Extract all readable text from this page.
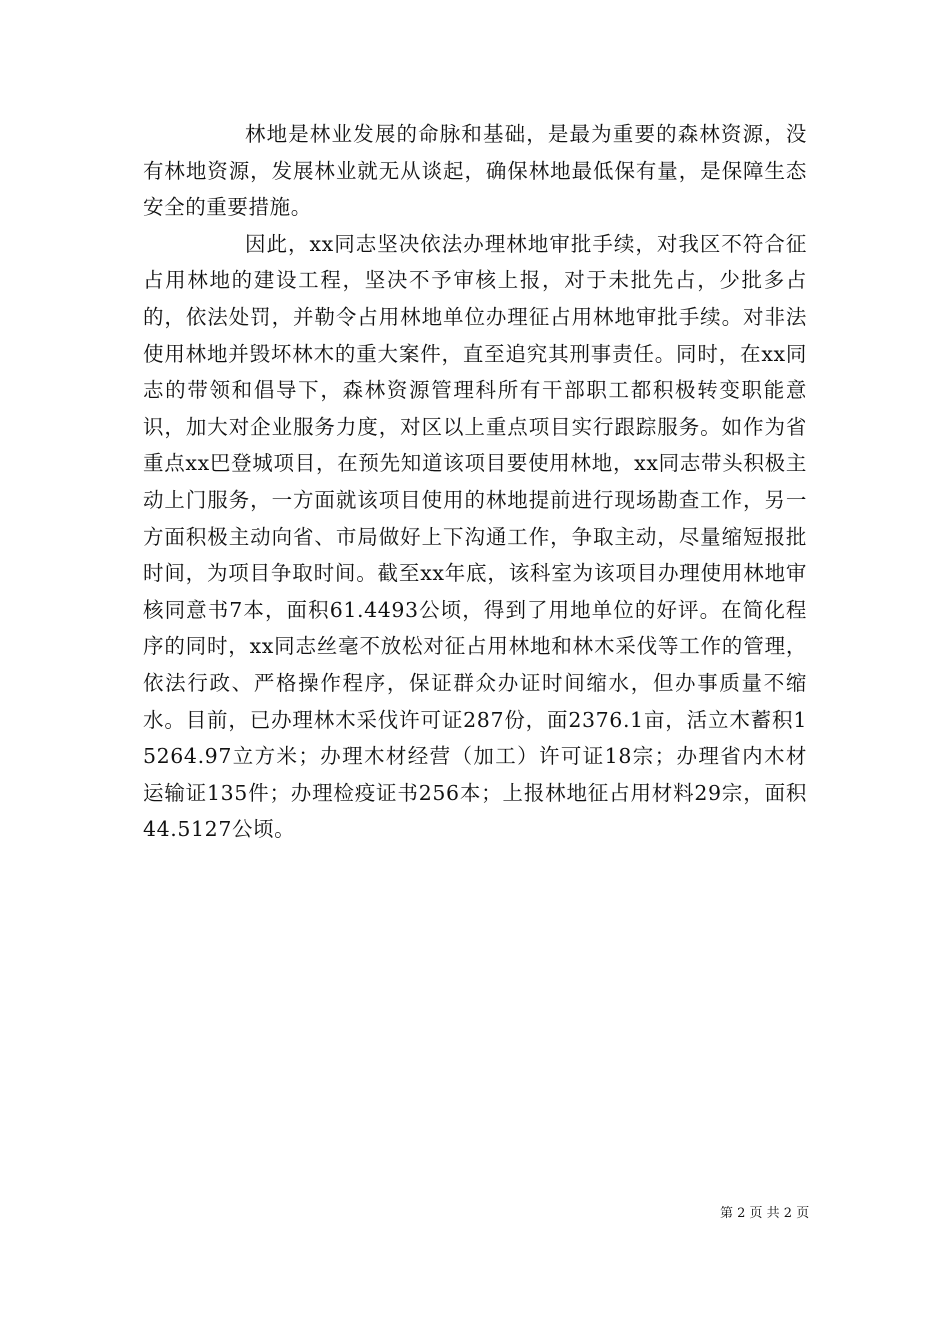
林地是林业发展的命脉和基础，是最为重要的森林资源，没有林地资源，发展林业就无从谈起，确保林地最低保有量，是保障生态安全的重要措施。

因此，xx同志坚决依法办理林地审批手续，对我区不符合征占用林地的建设工程，坚决不予审核上报，对于未批先占，少批多占的，依法处罚，并勒令占用林地单位办理征占用林地审批手续。对非法使用林地并毁坏林木的重大案件，直至追究其刑事责任。同时，在xx同志的带领和倡导下，森林资源管理科所有干部职工都积极转变职能意识，加大对企业服务力度，对区以上重点项目实行跟踪服务。如作为省重点xx巴登城项目，在预先知道该项目要使用林地，xx同志带头积极主动上门服务，一方面就该项目使用的林地提前进行现场勘查工作，另一方面积极主动向省、市局做好上下沟通工作，争取主动，尽量缩短报批时间，为项目争取时间。截至xx年底，该科室为该项目办理使用林地审核同意书7本，面积61.4493公顷，得到了用地单位的好评。在简化程序的同时，xx同志丝毫不放松对征占用林地和林木采伐等工作的管理，依法行政、严格操作程序，保证群众办证时间缩水，但办事质量不缩水。目前，已办理林木采伐许可证287份，面2376.1亩，活立木蓄积15264.97立方米；办理木材经营（加工）许可证18宗；办理省内木材运输证135件；办理检疫证书256本；上报林地征占用材料29宗，面积44.5127公顷。

第 2 页 共 2 页
